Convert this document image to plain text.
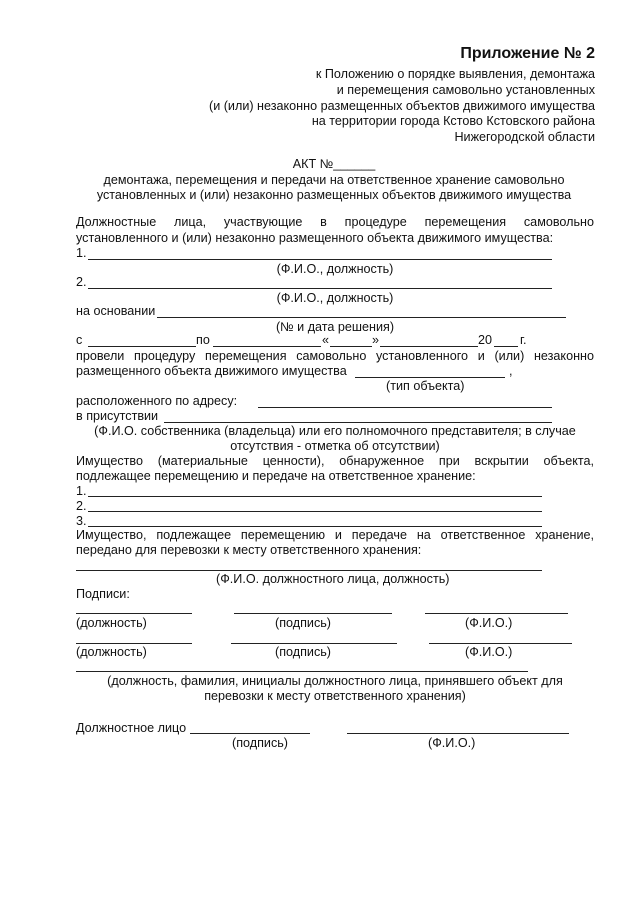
Приложение № 2
к Положению о порядке выявления, демонтажа
и перемещения самовольно установленных
(и (или) незаконно размещенных объектов движимого имущества
на территории города Кстово Кстовского района
Нижегородской области
АКТ №______
демонтажа, перемещения и передачи на ответственное хранение самовольно
установленных и (или) незаконно размещенных объектов движимого имущества
Должностные лица, участвующие в процедуре перемещения самовольно
установленного и (или) незаконно размещенного объекта движимого имущества:
1.
(Ф.И.О., должность)
2.
(Ф.И.О., должность)
на основании
(№ и дата решения)
с	по	«	»	20 г.
провели процедуру перемещения самовольно установленного и (или) незаконно
размещенного объекта движимого имущества	,
(тип объекта)
расположенного по адресу:
в присутствии
(Ф.И.О. собственника (владельца) или его полномочного представителя; в случае
отсутствия - отметка об отсутствии)
Имущество (материальные ценности), обнаруженное при вскрытии объекта,
подлежащее перемещению и передаче на ответственное хранение:
1.
2.
3.
Имущество, подлежащее перемещению и передаче на ответственное хранение,
передано для перевозки к месту ответственного хранения:
(Ф.И.О. должностного лица, должность)
Подписи:
(должность)	(подпись)	(Ф.И.О.)
(должность)	(подпись)	(Ф.И.О.)
(должность, фамилия, инициалы должностного лица, принявшего объект для
перевозки к месту ответственного хранения)
Должностное лицо
(подпись)	(Ф.И.О.)
